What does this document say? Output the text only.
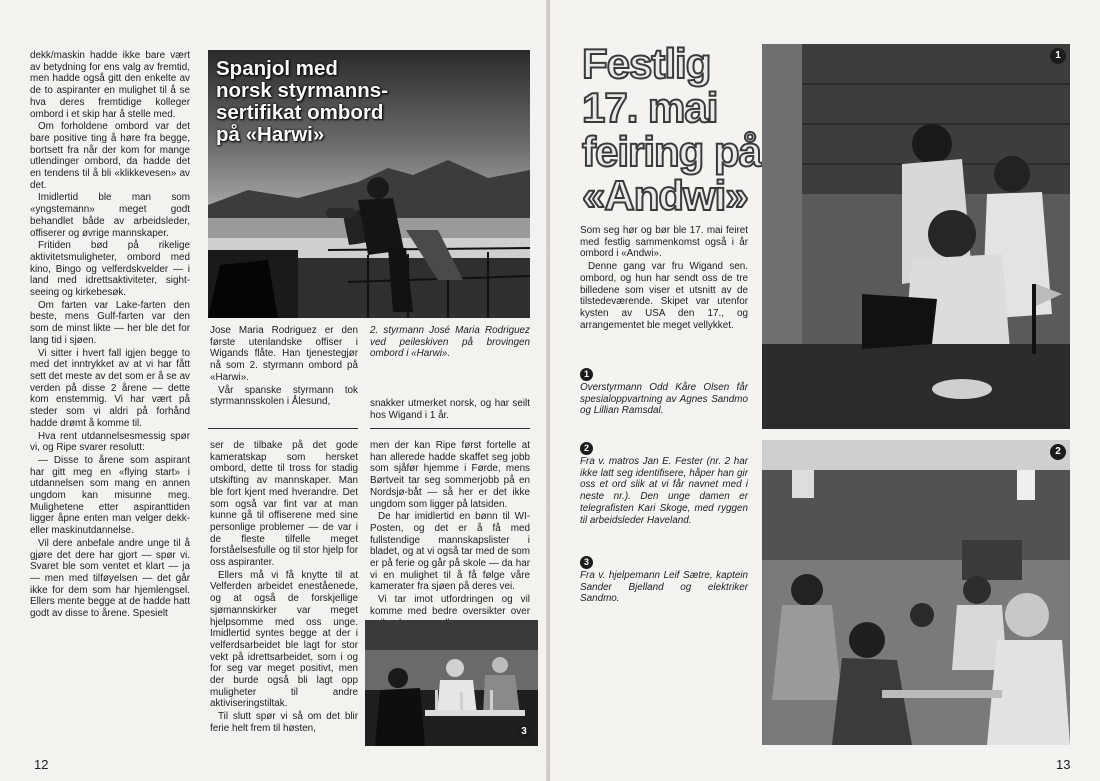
dekk/maskin hadde ikke bare vært av betydning for ens valg av fremtid, men hadde også gitt den enkelte av de to aspiranter en mulighet til å se hva deres fremtidige kolleger ombord i et skip har å stelle med.

Om forholdene ombord var det bare positive ting å høre fra begge, bortsett fra når der kom for mange utlendinger ombord, da hadde det en tendens til å bli «klikkevesen» av det.

Imidlertid ble man som «yngstemann» meget godt behandlet både av arbeidsleder, offiserer og øvrige mannskaper.

Fritiden bød på rikelige aktivitetsmuligheter, ombord med kino, Bingo og velferdskvelder — i land med idrettsaktiviteter, sight-seeing og kirkebesøk.

Om farten var Lake-farten den beste, mens Gulf-farten var den som de minst likte — her ble det for lang tid i sjøen.

Vi sitter i hvert fall igjen begge to med det inntrykket av at vi har fått sett det meste av det som er å se av verden på disse 2 årene — dette kom enstemmig. Vi har vært på steder som vi aldri på forhånd hadde drømt å komme til.

Hva rent utdannelsesmessig spør vi, og Ripe svarer resolutt:

— Disse to årene som aspirant har gitt meg en «flying start» i utdannelsen som mang en annen ungdom kan misunne meg. Mulighetene etter aspiranttiden ligger åpne enten man velger dekk- eller maskinutdannelse.

Vil dere anbefale andre unge til å gjøre det dere har gjort — spør vi. Svaret ble som ventet et klart — ja — men med tilføyelsen — det går ikke for dem som har hjemlengsel. Ellers mente begge at de hadde hatt godt av disse to årene. Spesielt

Spanjol med
norsk styrmanns-
sertifikat ombord
på «Harwi»

Jose Maria Rodriguez er den første utenlandske offiser i Wigands flåte. Han tjenestegjør nå som 2. styrmann ombord på «Harwi».

Vår spanske styrmann tok styrmannsskolen i Ålesund,

2. styrmann José Maria Rodriguez ved peileskiven på brovingen ombord i «Harwi».

snakker utmerket norsk, og har seilt hos Wigand i 1 år.

ser de tilbake på det gode kameratskap som hersket ombord, dette til tross for stadig utskifting av mannskaper. Man ble fort kjent med hverandre. Det som også var fint var at man kunne gå til offiserene med sine personlige problemer — de var i de fleste tilfelle meget forståelsesfulle og til stor hjelp for oss aspiranter.

Ellers må vi få knytte til at Velferden arbeidet eneståenede, og at også de forskjellige sjømannskirker var meget hjelpsomme med oss unge. Imidlertid syntes begge at der i velferdsarbeidet ble lagt for stor vekt på idrettsarbeidet, som i og for seg var meget positivt, men der burde også bli lagt opp muligheter til andre aktiviseringstiltak.

Til slutt spør vi så om det blir ferie helt frem til høsten,

men der kan Ripe først fortelle at han allerede hadde skaffet seg jobb som sjåfør hjemme i Førde, mens Børtveit tar seg sommerjobb på en Nordsjø-båt — så her er det ikke ungdom som ligger på latsiden.

De har imidlertid en bønn til WI-Posten, og det er å få med fullstendige mannskapslister i bladet, og at vi også tar med de som er på ferie og går på skole — da har vi en mulighet til å få følge våre kamerater fra sjøen på deres vei.

Vi tar imot utfordringen og vil komme med bedre oversikter over

3
12
Festlig
17. mai
feiring på
«Andwi»

Som seg hør og bør ble 17. mai feiret med festlig sammenkomst også i år ombord i «Andwi».

Denne gang var fru Wigand sen. ombord, og hun har sendt oss de tre billedene som viser et utsnitt av de tilstedeværende. Skipet var utenfor kysten av USA den 17., og arrangementet ble meget vellykket.

1

Overstyrmann Odd Kåre Olsen får spesialoppvartning av Agnes Sandmo og Lillian Ramsdal.

2

Fra v. matros Jan E. Fester (nr. 2 har ikke latt seg identifisere, håper han gir oss et ord slik at vi får navnet med i neste nr.). Den unge damen er telegrafisten Kari Skoge, med ryggen til arbeidsleder Haveland.

3

Fra v. hjelpemann Leif Sætre, kaptein Sander Bjelland og elektriker Sandmo.

1
2
13
